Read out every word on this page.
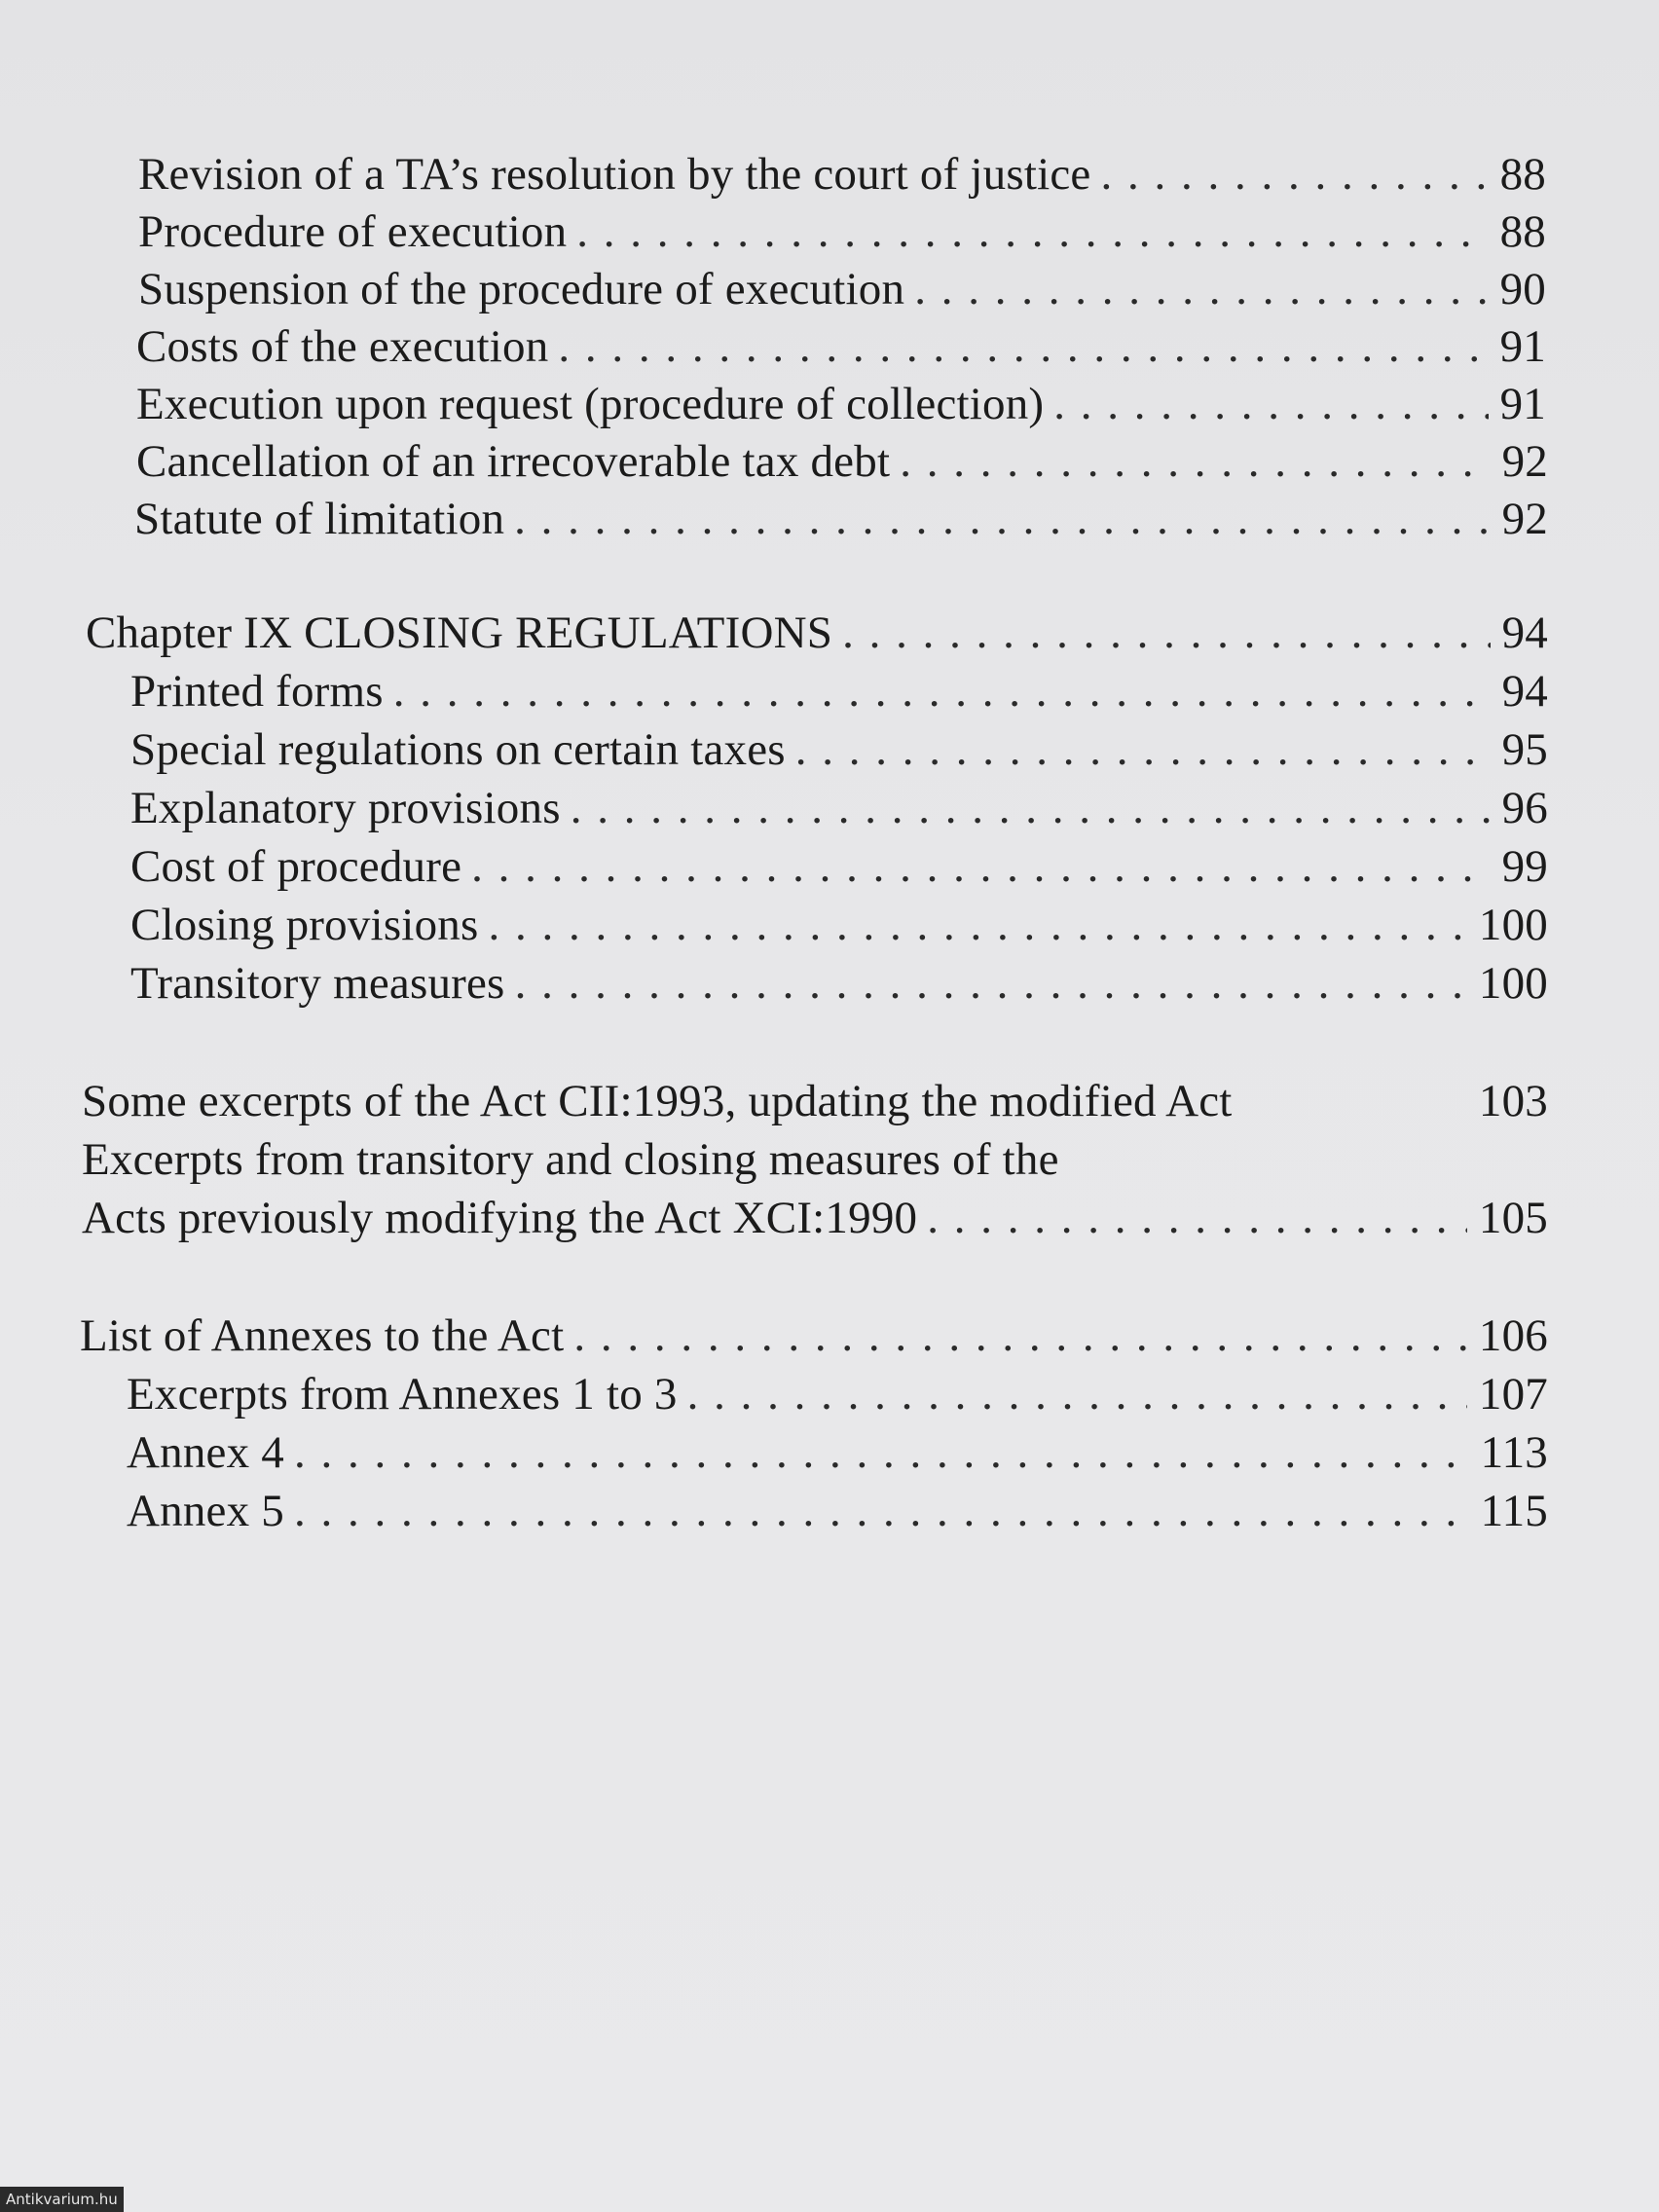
Revision of a TA’s resolution by the court of justice . . .	88
Procedure of execution . . .	88
Suspension of the procedure of execution . . .	90
Costs of the execution . . .	91
Execution upon request (procedure of collection) . . .	91
Cancellation of an irrecoverable tax debt . . .	92
Statute of limitation . . .	92
Chapter IX CLOSING REGULATIONS . . .	94
Printed forms . . .	94
Special regulations on certain taxes . . .	95
Explanatory provisions . . .	96
Cost of procedure . . .	99
Closing provisions . . .	100
Transitory measures . . .	100
Some excerpts of the Act CII:1993, updating the modified Act	103
Excerpts from transitory and closing measures of the
Acts previously modifying the Act XCI:1990 . . .	105
List of Annexes to the Act . . .	106
Excerpts from Annexes 1 to 3 . . .	107
Annex 4 . . .	113
Annex 5 . . .	115
Antikvarium.hu
